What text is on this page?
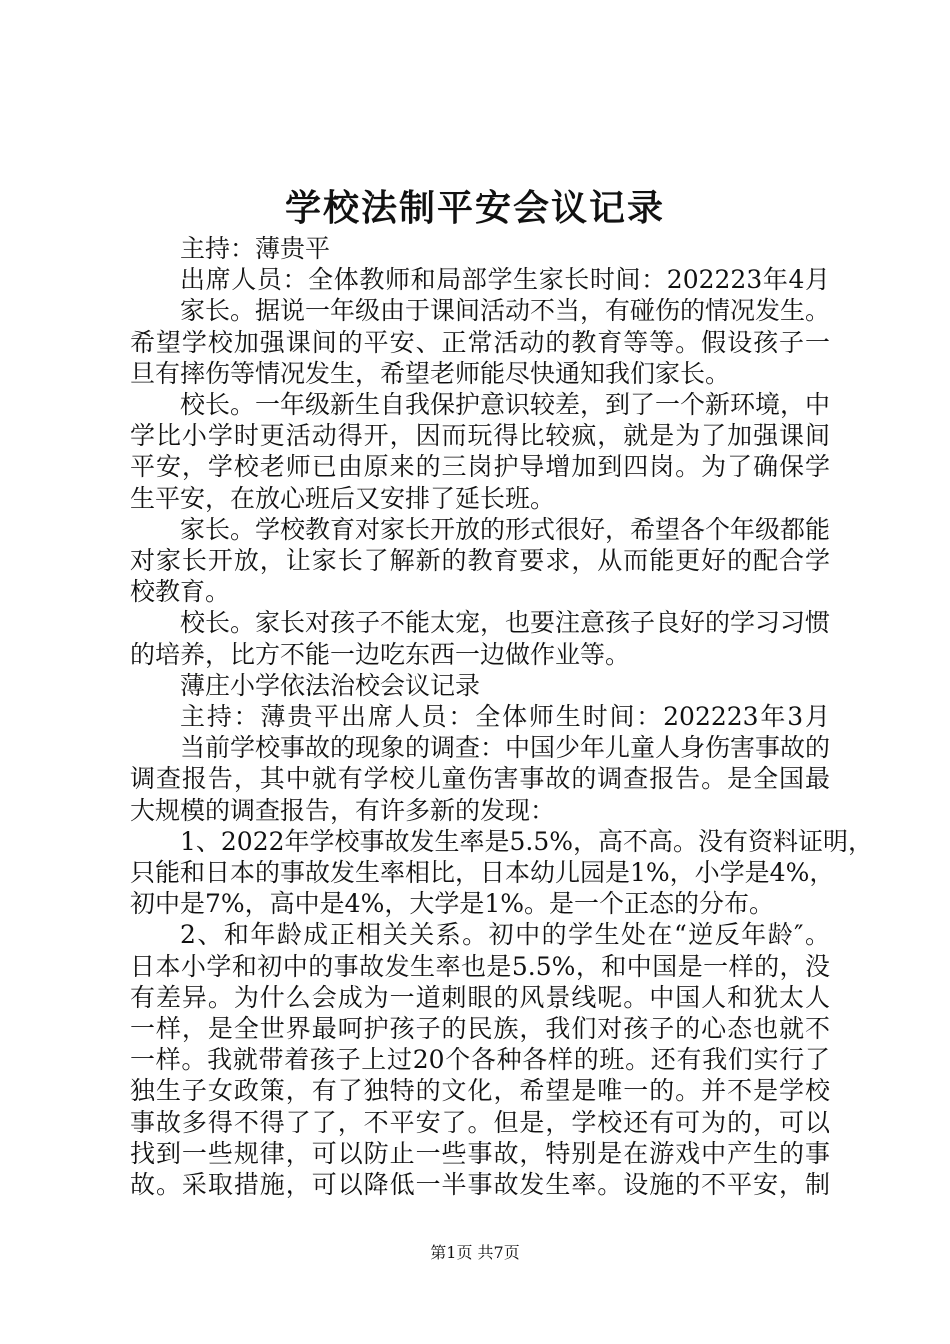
学校法制平安会议记录
主持：薄贵平
出席人员：全体教师和局部学生家长时间：202223年4月
家长。据说一年级由于课间活动不当，有碰伤的情况发生。
希望学校加强课间的平安、正常活动的教育等等。假设孩子一
旦有摔伤等情况发生，希望老师能尽快通知我们家长。
校长。一年级新生自我保护意识较差，到了一个新环境，中
学比小学时更活动得开，因而玩得比较疯，就是为了加强课间
平安，学校老师已由原来的三岗护导增加到四岗。为了确保学
生平安，在放心班后又安排了延长班。
家长。学校教育对家长开放的形式很好，希望各个年级都能
对家长开放，让家长了解新的教育要求，从而能更好的配合学
校教育。
校长。家长对孩子不能太宠，也要注意孩子良好的学习习惯
的培养，比方不能一边吃东西一边做作业等。
薄庄小学依法治校会议记录
主持：薄贵平出席人员：全体师生时间：202223年3月
当前学校事故的现象的调查：中国少年儿童人身伤害事故的
调查报告，其中就有学校儿童伤害事故的调查报告。是全国最
大规模的调查报告，有许多新的发现：
1、2022年学校事故发生率是5.5%，高不高。没有资料证明，
只能和日本的事故发生率相比，日本幼儿园是1%，小学是4%，
初中是7%，高中是4%，大学是1%。是一个正态的分布。
2、和年龄成正相关关系。初中的学生处在“逆反年龄″。
日本小学和初中的事故发生率也是5.5%，和中国是一样的，没
有差异。为什么会成为一道刺眼的风景线呢。中国人和犹太人
一样，是全世界最呵护孩子的民族，我们对孩子的心态也就不
一样。我就带着孩子上过20个各种各样的班。还有我们实行了
独生子女政策，有了独特的文化，希望是唯一的。并不是学校
事故多得不得了了，不平安了。但是，学校还有可为的，可以
找到一些规律，可以防止一些事故，特别是在游戏中产生的事
故。采取措施，可以降低一半事故发生率。设施的不平安，制
第1页 共7页
